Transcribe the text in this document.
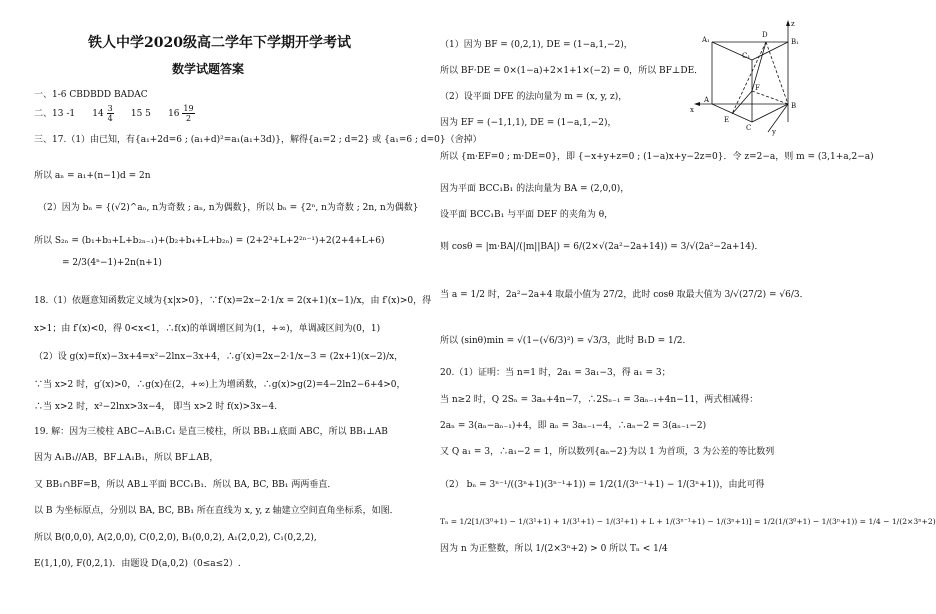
铁人中学2020级高二学年下学期开学考试
数学试题答案
一、1-6 CBDBDD BADAC
二、13 -1 $14 \frac{3}{4} 15$ 5 $16 \frac{19}{2}$
三、17.（1）由已知，有{a₁+2d=6 ; (a₁+d)²=a₁(a₁+3d)}，解得{a₁=2 ; d=2} 或 {a₁=6 ; d=0}（舍掉）
所以 aₙ = a₁+(n−1)d = 2n
（2）因为 bₙ = {(√2)^aₙ, n为奇数 ; aₙ, n为偶数}，所以 bₙ = {2ⁿ, n为奇数 ; 2n, n为偶数}
所以 S₂ₙ = (b₁+b₃+L+b₂ₙ₋₁)+(b₂+b₄+L+b₂ₙ) = (2+2³+L+2²ⁿ⁻¹)+2(2+4+L+6)
= 2/3(4ⁿ−1)+2n(n+1)
18.（1）依题意知函数定义域为{x|x>0}，∵f′(x)=2x−2·1/x = 2(x+1)(x−1)/x，由 f′(x)>0，得
x>1；由 f′(x)<0，得 0<x<1，∴f(x)的单调增区间为(1，+∞)，单调减区间为(0，1)
（2）设 g(x)=f(x)−3x+4=x²−2lnx−3x+4，∴g′(x)=2x−2·1/x−3 = (2x+1)(x−2)/x，
∵当 x>2 时，g′(x)>0，∴g(x)在(2，+∞)上为增函数，∴g(x)>g(2)=4−2ln2−6+4>0，
∴当 x>2 时，x²−2lnx>3x−4， 即当 x>2 时 f(x)>3x−4.
19. 解：因为三棱柱 ABC−A₁B₁C₁ 是直三棱柱，所以 BB₁⊥底面 ABC，所以 BB₁⊥AB
因为 A₁B₁//AB，BF⊥A₁B₁，所以 BF⊥AB，
又 BB₁∩BF=B，所以 AB⊥平面 BCC₁B₁．所以 BA, BC, BB₁ 两两垂直．
以 B 为坐标原点，分别以 BA, BC, BB₁ 所在直线为 x, y, z 轴建立空间直角坐标系，如图．
所以 B(0,0,0), A(2,0,0), C(0,2,0), B₁(0,0,2), A₁(2,0,2), C₁(0,2,2),
E(1,1,0), F(0,2,1)．由题设 D(a,0,2)（0≤a≤2）.
（1）因为 BF = (0,2,1), DE = (1−a,1,−2)，
所以 BF·DE = 0×(1−a)+2×1+1×(−2) = 0，所以 BF⊥DE．
（2）设平面 DFE 的法向量为 m = (x, y, z)，
因为 EF = (−1,1,1), DE = (1−a,1,−2)，
所以 {m·EF=0 ; m·DE=0}，即 {−x+y+z=0 ; (1−a)x+y−2z=0}．令 z=2−a，则 m = (3,1+a,2−a)
因为平面 BCC₁B₁ 的法向量为 BA = (2,0,0)，
设平面 BCC₁B₁ 与平面 DEF 的夹角为 θ，
则 cosθ = |m·BA|/(|m||BA|) = 6/(2×√(2a²−2a+14)) = 3/√(2a²−2a+14)．
当 a = 1/2 时，2a²−2a+4 取最小值为 27/2，此时 cosθ 取最大值为 3/√(27/2) = √6/3．
所以 (sinθ)min = √(1−(√6/3)²) = √3/3，此时 B₁D = 1/2．
20.（1）证明：当 n=1 时，2a₁ = 3a₁−3，得 a₁ = 3；
当 n≥2 时，Q 2Sₙ = 3aₙ+4n−7，∴2Sₙ₋₁ = 3aₙ₋₁+4n−11，两式相减得：
2aₙ = 3(aₙ−aₙ₋₁)+4，即 aₙ = 3aₙ₋₁−4，∴aₙ−2 = 3(aₙ₋₁−2)
又 Q a₁ = 3，∴a₁−2 = 1，所以数列{aₙ−2}为以 1 为首项，3 为公差的等比数列
（2） bₙ = 3ⁿ⁻¹/((3ⁿ+1)(3ⁿ⁻¹+1)) = 1/2(1/(3ⁿ⁻¹+1) − 1/(3ⁿ+1))，由此可得
Tₙ = 1/2[1/(3⁰+1) − 1/(3¹+1) + 1/(3¹+1) − 1/(3²+1) + L + 1/(3ⁿ⁻¹+1) − 1/(3ⁿ+1)] = 1/2(1/(3⁰+1) − 1/(3ⁿ+1)) = 1/4 − 1/(2×3ⁿ+2)
因为 n 为正整数，所以 1/(2×3ⁿ+2) > 0 所以 Tₙ < 1/4
z
D
B₁
A₁
C₁
F
A
B
C
E
x
y
